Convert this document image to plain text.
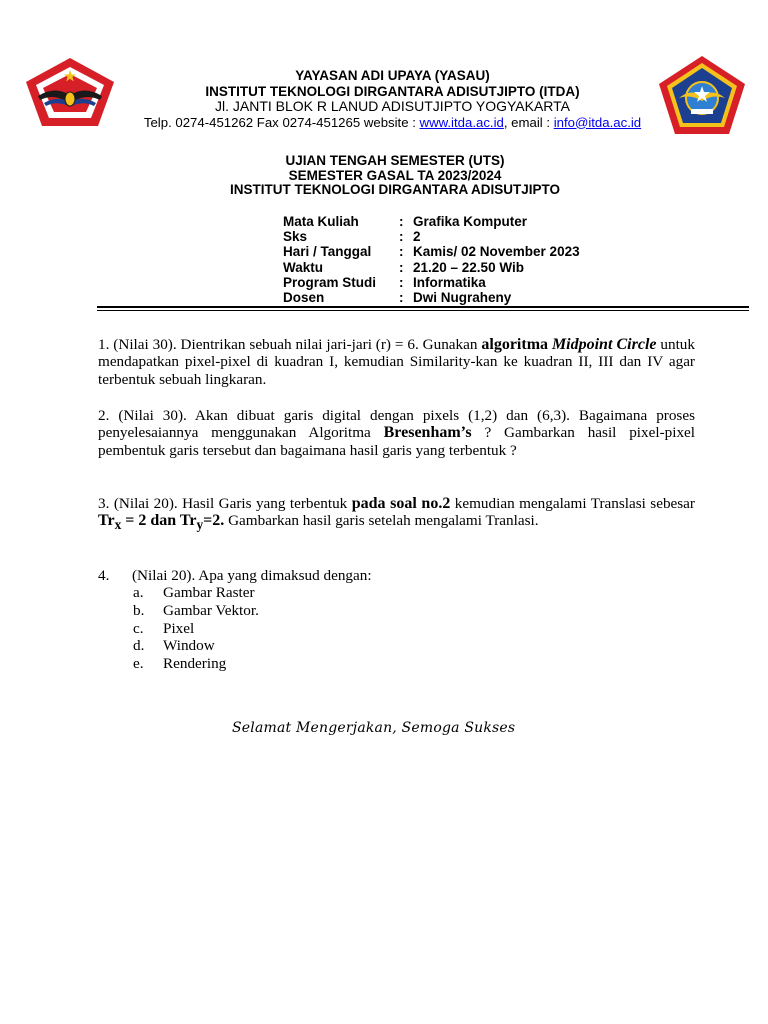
YAYASAN ADI UPAYA (YASAU)
INSTITUT TEKNOLOGI DIRGANTARA ADISUTJIPTO (ITDA)
Jl. JANTI BLOK R LANUD ADISUTJIPTO YOGYAKARTA
Telp. 0274-451262 Fax 0274-451265 website : www.itda.ac.id, email : info@itda.ac.id
UJIAN TENGAH SEMESTER (UTS)
SEMESTER GASAL TA 2023/2024
INSTITUT TEKNOLOGI DIRGANTARA ADISUTJIPTO
Mata Kuliah	: Grafika Komputer
Sks	: 2
Hari / Tanggal	: Kamis/ 02 November 2023
Waktu	: 21.20 – 22.50 Wib
Program Studi	: Informatika
Dosen	: Dwi Nugraheny

1. (Nilai 30). Dientrikan sebuah nilai jari-jari (r) = 6. Gunakan algoritma Midpoint Circle untuk mendapatkan pixel-pixel di kuadran I, kemudian Similarity-kan ke kuadran II, III dan IV agar terbentuk sebuah lingkaran.

2. (Nilai 30). Akan dibuat garis digital dengan pixels (1,2) dan (6,3). Bagaimana proses penyelesaiannya menggunakan Algoritma Bresenham’s ? Gambarkan hasil pixel-pixel pembentuk garis tersebut dan bagaimana hasil garis yang terbentuk ?

3. (Nilai 20). Hasil Garis yang terbentuk pada soal no.2 kemudian mengalami Translasi sebesar $Tr_x = 2$ dan $Tr_y=2$. Gambarkan hasil garis setelah mengalami Tranlasi.

4.	(Nilai 20). Apa yang dimaksud dengan:
a.	Gambar Raster
b.	Gambar Vektor.
c.	Pixel
d.	Window
e.	Rendering
Selamat Mengerjakan, Semoga Sukses
